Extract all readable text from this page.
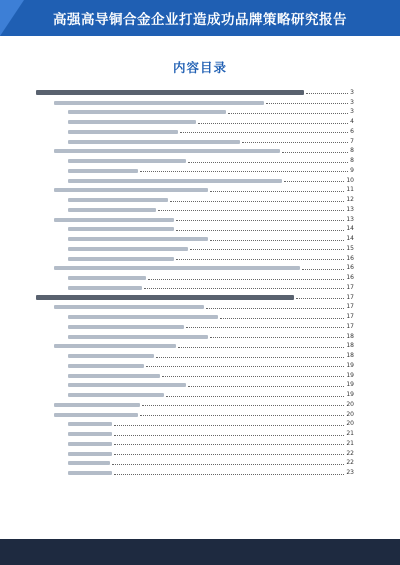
高强高导铜合金企业打造成功品牌策略研究报告
内容目录
3
3
3
4
6
7
8
8
9
10
11
12
13
13
14
14
15
16
16
16
17
17
17
17
17
18
18
18
19
19
19
19
20
20
20
21
21
22
22
23
